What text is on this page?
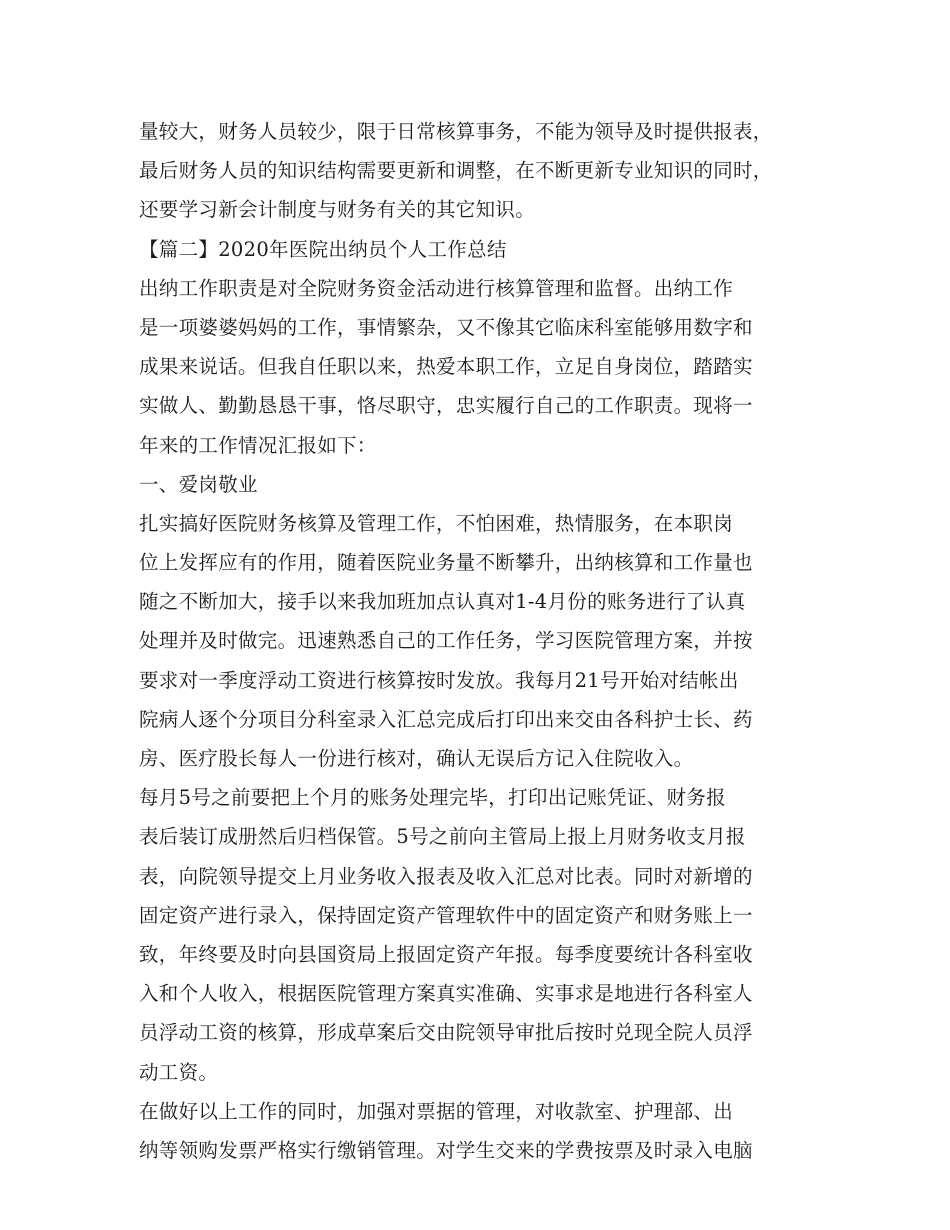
量较大，财务人员较少，限于日常核算事务，不能为领导及时提供报表，
最后财务人员的知识结构需要更新和调整，在不断更新专业知识的同时，
还要学习新会计制度与财务有关的其它知识。
【篇二】2020年医院出纳员个人工作总结
出纳工作职责是对全院财务资金活动进行核算管理和监督。出纳工作
是一项婆婆妈妈的工作，事情繁杂，又不像其它临床科室能够用数字和
成果来说话。但我自任职以来，热爱本职工作，立足自身岗位，踏踏实
实做人、勤勤恳恳干事，恪尽职守，忠实履行自己的工作职责。现将一
年来的工作情况汇报如下：
一、爱岗敬业
扎实搞好医院财务核算及管理工作，不怕困难，热情服务，在本职岗
位上发挥应有的作用，随着医院业务量不断攀升，出纳核算和工作量也
随之不断加大，接手以来我加班加点认真对1-4月份的账务进行了认真
处理并及时做完。迅速熟悉自己的工作任务，学习医院管理方案，并按
要求对一季度浮动工资进行核算按时发放。我每月21号开始对结帐出
院病人逐个分项目分科室录入汇总完成后打印出来交由各科护士长、药
房、医疗股长每人一份进行核对，确认无误后方记入住院收入。
每月5号之前要把上个月的账务处理完毕，打印出记账凭证、财务报
表后装订成册然后归档保管。5号之前向主管局上报上月财务收支月报
表，向院领导提交上月业务收入报表及收入汇总对比表。同时对新增的
固定资产进行录入，保持固定资产管理软件中的固定资产和财务账上一
致，年终要及时向县国资局上报固定资产年报。每季度要统计各科室收
入和个人收入，根据医院管理方案真实准确、实事求是地进行各科室人
员浮动工资的核算，形成草案后交由院领导审批后按时兑现全院人员浮
动工资。
在做好以上工作的同时，加强对票据的管理，对收款室、护理部、出
纳等领购发票严格实行缴销管理。对学生交来的学费按票及时录入电脑
